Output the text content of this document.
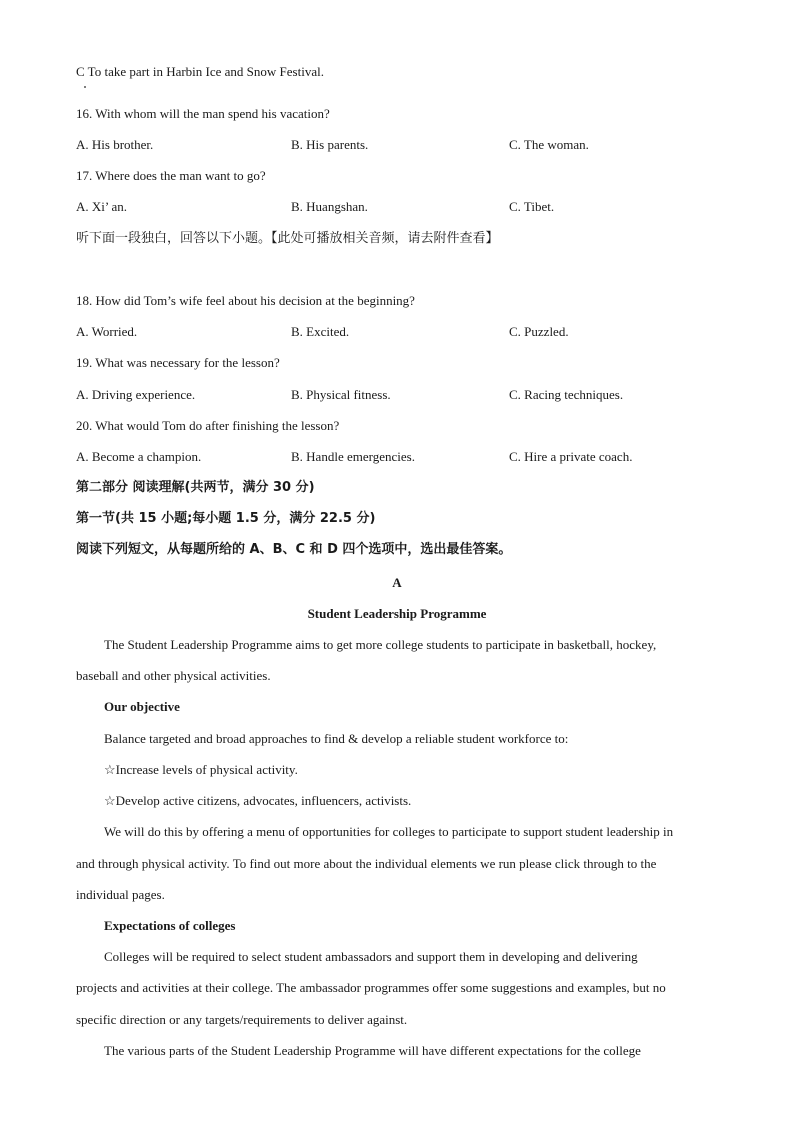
C To take part in Harbin Ice and Snow Festival.
16. With whom will the man spend his vacation?
A. His brother.	B. His parents.	C. The woman.
17. Where does the man want to go?
A. Xi’ an.	B. Huangshan.	C. Tibet.
听下面一段独白，回答以下小题。【此处可播放相关音频，请去附件查看】
18. How did Tom’s wife feel about his decision at the beginning?
A. Worried.	B. Excited.	C. Puzzled.
19. What was necessary for the lesson?
A. Driving experience.	B. Physical fitness.	C. Racing techniques.
20. What would Tom do after finishing the lesson?
A. Become a champion.	B. Handle emergencies.	C. Hire a private coach.
第二部分 阅读理解(共两节，满分 30 分)
第一节(共 15 小题;每小题 1.5 分，满分 22.5 分)
阅读下列短文，从每题所给的 A、B、C 和 D 四个选项中，选出最佳答案。
A
Student Leadership Programme
The Student Leadership Programme aims to get more college students to participate in basketball, hockey,
baseball and other physical activities.
Our objective
Balance targeted and broad approaches to find & develop a reliable student workforce to:
☆Increase levels of physical activity.
☆Develop active citizens, advocates, influencers, activists.
We will do this by offering a menu of opportunities for colleges to participate to support student leadership in
and through physical activity. To find out more about the individual elements we run please click through to the
individual pages.
Expectations of colleges
Colleges will be required to select student ambassadors and support them in developing and delivering
projects and activities at their college. The ambassador programmes offer some suggestions and examples, but no
specific direction or any targets/requirements to deliver against.
The various parts of the Student Leadership Programme will have different expectations for the college
